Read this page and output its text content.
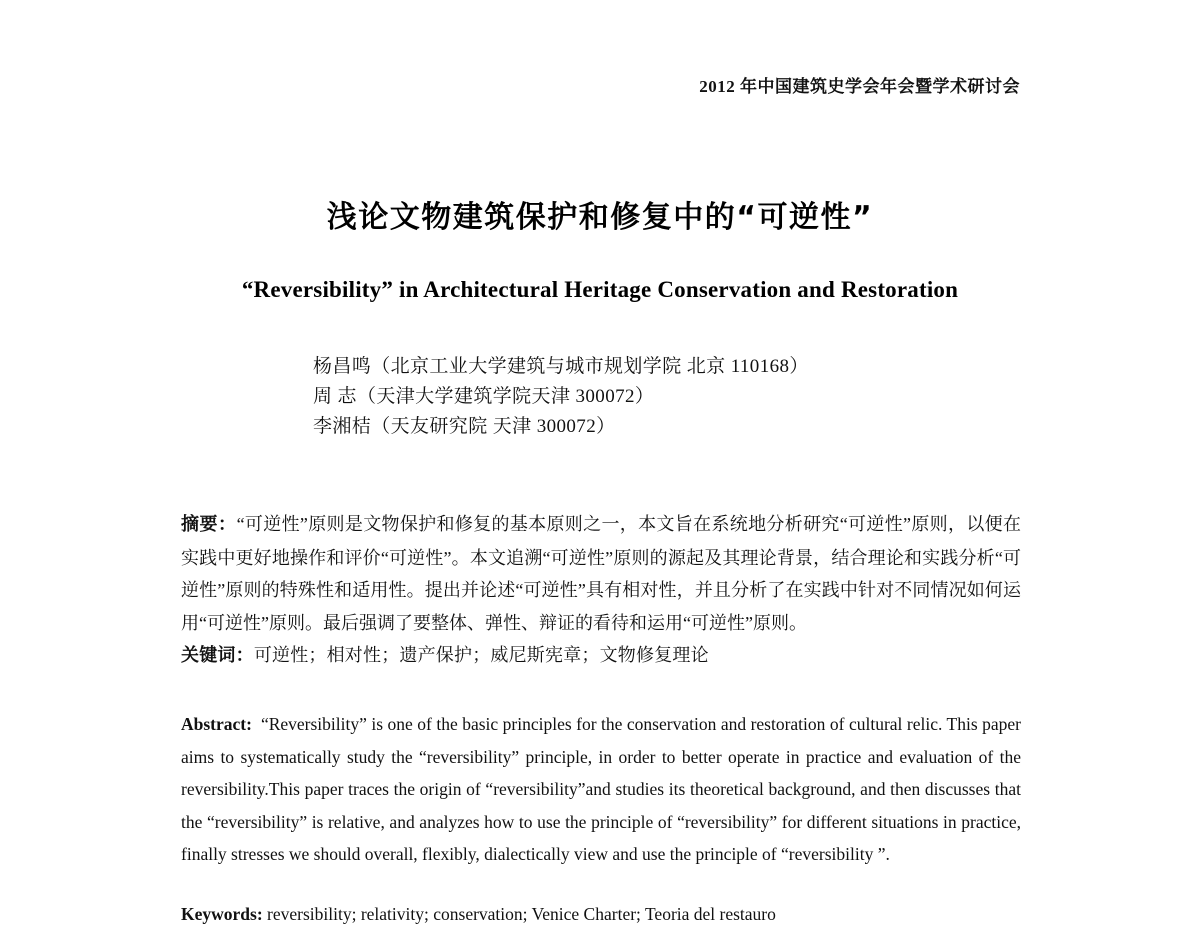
2012 年中国建筑史学会年会暨学术研讨会
浅论文物建筑保护和修复中的“可逆性”
“Reversibility” in Architectural Heritage Conservation and Restoration
杨昌鸣（北京工业大学建筑与城市规划学院 北京 110168）
周 志（天津大学建筑学院天津 300072）
李湘桔（天友研究院 天津 300072）
摘要：“可逆性”原则是文物保护和修复的基本原则之一，本文旨在系统地分析研究“可逆性”原则，以便在实践中更好地操作和评价“可逆性”。本文追溯“可逆性”原则的源起及其理论背景，结合理论和实践分析“可逆性”原则的特殊性和适用性。提出并论述“可逆性”具有相对性，并且分析了在实践中针对不同情况如何运用“可逆性”原则。最后强调了要整体、弹性、辩证的看待和运用“可逆性”原则。
关键词：可逆性；相对性；遗产保护；威尼斯宪章；文物修复理论
Abstract: “Reversibility” is one of the basic principles for the conservation and restoration of cultural relic. This paper aims to systematically study the “reversibility” principle, in order to better operate in practice and evaluation of the reversibility.This paper traces the origin of “reversibility”and studies its theoretical background, and then discusses that the “reversibility” is relative, and analyzes how to use the principle of “reversibility” for different situations in practice, finally stresses we should overall, flexibly, dialectically view and use the principle of “reversibility ”.
Keywords: reversibility; relativity; conservation; Venice Charter; Teoria del restauro
